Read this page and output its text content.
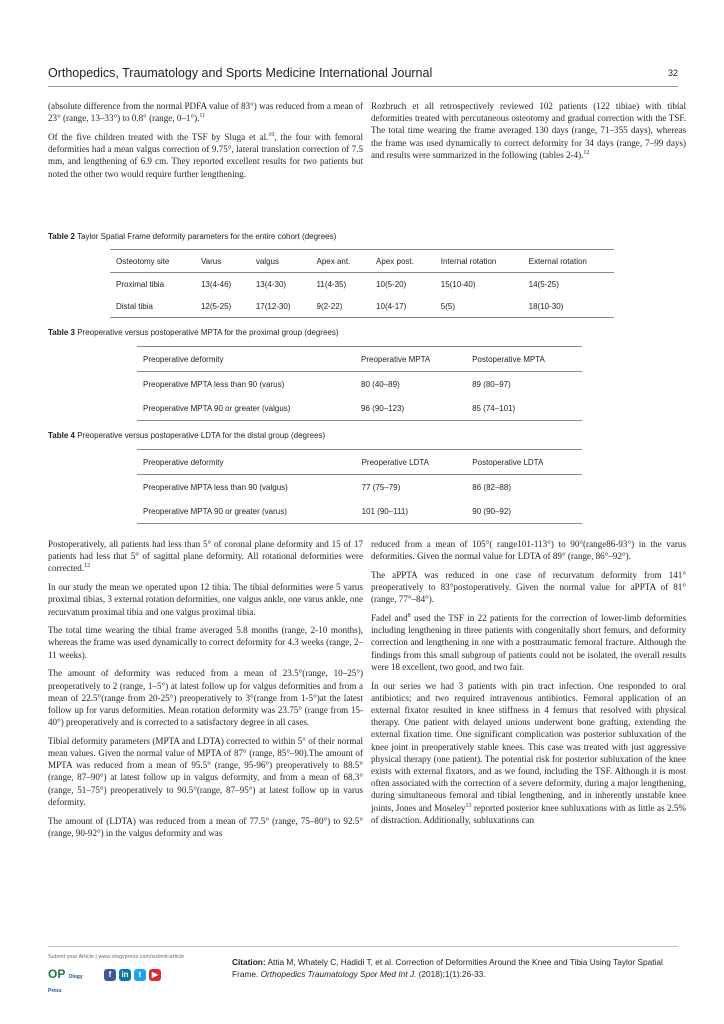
Orthopedics, Traumatology and Sports Medicine International Journal	32

(absolute difference from the normal PDFA value of 83°) was reduced from a mean of 23° (range, 13–33°) to 0.8° (range, 0–1°).$^{11}$

Of the five children treated with the TSF by Sluga et al.$^{10}$, the four with femoral deformities had a mean valgus correction of 9.75°, lateral translation correction of 7.5 mm, and lengthening of 6.9 cm. They reported excellent results for two patients but noted the other two would require further lengthening.

Rozbruch et all retrospectively reviewed 102 patients (122 tibiae) with tibial deformities treated with percutaneous osteotomy and gradual correction with the TSF. The total time wearing the frame averaged 130 days (range, 71–355 days), whereas the frame was used dynamically to correct deformity for 34 days (range, 7–99 days) and results were summarized in the following (tables 2-4).$^{12}$

Table 2 Taylor Spatial Frame deformity parameters for the entire cohort (degrees)
Osteotomy site	Varus	valgus	Apex ant.	Apex post.	Internal rotation	External rotation
Proximal tibia	13(4-46)	13(4-30)	11(4-35)	10(5-20)	15(10-40)	14(5-25)
Distal tibia	12(5-25)	17(12-30)	9(2-22)	10(4-17)	5(5)	18(10-30)
Table 3 Preoperative versus postoperative MPTA for the proximal group (degrees)
Preoperative deformity	Preoperative MPTA	Postoperative MPTA
Preoperative MPTA less than 90 (varus)	80 (40–89)	89 (80–97)
Preoperative MPTA 90 or greater (valgus)	96 (90–123)	85 (74–101)
Table 4 Preoperative versus postoperative LDTA for the distal group (degrees)
Preoperative deformity	Preoperative LDTA	Postoperative LDTA
Preoperative MPTA less than 90 (valgus)	77 (75–79)	86 (82–88)
Preoperative MPTA 90 or greater (varus)	101 (90–111)	90 (90–92)

Postoperatively, all patients had less than 5° of coronal plane deformity and 15 of 17 patients had less that 5° of sagittal plane deformity. All rotational deformities were corrected.$^{12}$

In our study the mean we operated upon 12 tibia. The tibial deformities were 5 varus proximal tibias, 3 external rotation deformities, one valgus ankle, one varus ankle, one recurvatum proximal tibia and one valgus proximal tibia.

The total time wearing the tibial frame averaged 5.8 months (range, 2-10 months), whereas the frame was used dynamically to correct deformity for 4.3 weeks (range, 2–11 weeks).

The amount of deformity was reduced from a mean of 23.5°(range, 10–25°) preoperatively to 2 (range, 1–5°) at latest follow up for valgus deformities and from a mean of 22.5°(range from 20-25°) preoperatively to 3°(range from 1-5°)at the latest follow up for varus deformities. Mean rotation deformity was 23.75° (range from 15-40°) preoperatively and is corrected to a satisfactory degree in all cases.

Tibial deformity parameters (MPTA and LDTA) corrected to within 5° of their normal mean values. Given the normal value of MPTA of 87° (range, 85°–90).The amount of MPTA was reduced from a mean of 95.5° (range, 95-96°) preoperatively to 88.5° (range, 87–90°) at latest follow up in valgus deformity, and from a mean of 68.3° (range, 51–75°) preoperatively to 90.5°(range, 87–95°) at latest follow up in varus deformity.

The amount of (LDTA) was reduced from a mean of 77.5° (range, 75–80°) to 92.5° (range, 90-92°) in the valgus deformity and was

reduced from a mean of 105°( range101-113°) to 90°(range86-93°) in the varus deformities. Given the normal value for LDTA of 89° (range, 86°–92°).

The aPPTA was reduced in one case of recurvatum deformity from 141° preoperatively to 83°postoperatively. Given the normal value for aPPTA of 81° (range, 77°–84°).

Fadel and$^8$ used the TSF in 22 patients for the correction of lower-limb deformities including lengthening in three patients with congenitally short femurs, and deformity correction and lengthening in one with a posttraumatic femoral fracture. Although the findings from this small subgroup of patients could not be isolated, the overall results were 18 excellent, two good, and two fair.

In our series we had 3 patients with pin tract infection. One responded to oral antibiotics; and two required intravenous antibiotics. Femoral application of an external fixator resulted in knee stiffness in 4 femurs that resolved with physical therapy. One patient with delayed unions underwent bone grafting, extending the external fixation time. One significant complication was posterior subluxation of the knee joint in preoperatively stable knees. This case was treated with just aggressive physical therapy (one patient). The potential risk for posterior subluxation of the knee exists with external fixators, and as we found, including the TSF. Although it is most often associated with the correction of a severe deformity, during a major lengthening, during simultaneous femoral and tibial lengthening, and in inherently unstable knee joints, Jones and Moseley$^{13}$ reported posterior knee subluxations with as little as 2.5% of distraction. Additionally, subluxations can

Submit your Article | www.ologypress.com/submit-article
OP Ology Press
f	in	t	▶
Citation: Attia M, Whately C, Hadidi T, et al. Correction of Deformities Around the Knee and Tibia Using Taylor Spatial Frame. Orthopedics Traumatology Spor Med Int J. (2018);1(1):26-33.
